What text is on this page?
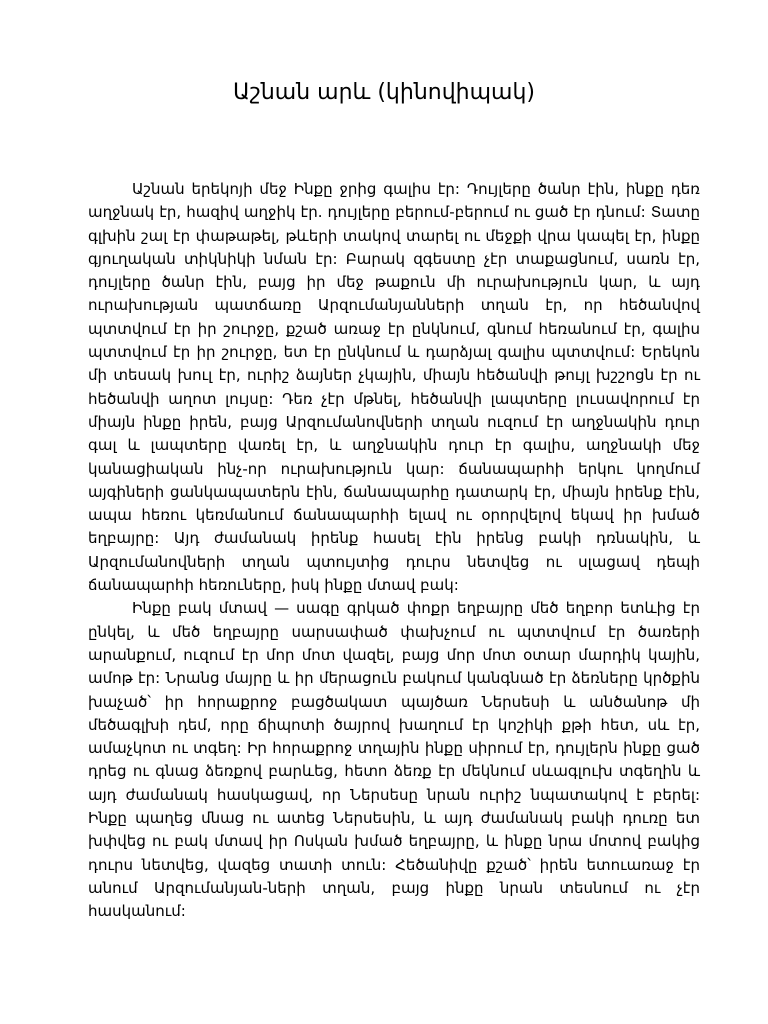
Աշնան արև (կինովիպակ)

Աշնան երեկոյի մեջ Ինքը ջրից գալիս էր: Դույլերը ծանր էին, ինքը դեռ աղջնակ էր, հազիվ աղջիկ էր. դույլերը բերում-բերում ու ցած էր դնում: Տատը գլխին շալ էր փաթաթել, թևերի տակով տարել ու մեջքի վրա կապել էր, ինքը գյուղական տիկնիկի նման էր: Բարակ զգեստը չէր տաքացնում, սառն էր, դույլերը ծանր էին, բայց իր մեջ թաքուն մի ուրախություն կար, և այդ ուրախության պատճառը Արզումանյանների տղան էր, որ հեծանվով պտտվում էր իր շուրջը, քշած առաջ էր ընկնում, գնում հեռանում էր, գալիս պտտվում էր իր շուրջը, ետ էր ընկնում և դարձյալ գալիս պտտվում: Երեկոն մի տեսակ խուլ էր, ուրիշ ձայներ չկային, միայն հեծանվի թույլ խշշոցն էր ու հեծանվի աղոտ լույսը: Դեռ չէր մթնել, հեծանվի լապտերը լուսավորում էր միայն ինքը իրեն, բայց Արզումանովների տղան ուզում էր աղջնակին դուր գալ և լապտերը վառել էր, և աղջնակին դուր էր գալիս, աղջնակի մեջ կանացիական ինչ-որ ուրախություն կար: ճանապարհի երկու կողմում այգիների ցանկապատերն էին, ճանապարհը դատարկ էր, միայն իրենք էին, ապա հեռու կեռմանում ճանապարհի ելավ ու օրորվելով եկավ իր խմած եղբայրը: Այդ ժամանակ իրենք հասել էին իրենց բակի դռնակին, և Արզումանովների տղան պտույտից դուրս նետվեց ու սլացավ դեպի ճանապարհի հեռուները, իսկ ինքը մտավ բակ:

Ինքը բակ մտավ — սագը գրկած փոքր եղբայրը մեծ եղբոր ետևից էր ընկել, և մեծ եղբայրը սարսափած փախչում ու պտտվում էր ծառերի արանքում, ուզում էր մոր մոտ վազել, բայց մոր մոտ օտար մարդիկ կային, ամոթ էր: Նրանց մայրը և իր մերացուն բակում կանգնած էր ձեռները կրծքին խաչած՝ իր հորաքրոջ բացծակատ պայծառ Ներսեսի և անծանոթ մի մեծագլխի դեմ, որը ճիպոտի ծայրով խաղում էր կոշիկի քթի հետ, սև էր, ամաչկոտ ու տգեղ: Իր հորաքրոջ տղային ինքը սիրում էր, դույլերն ինքը ցած դրեց ու գնաց ձեռքով բարևեց, հետո ձեռք էր մեկնում սևագլուխ տգեղին և այդ ժամանակ հասկացավ, որ Ներսեսը նրան ուրիշ նպատակով է բերել: Ինքը պաղեց մնաց ու ատեց Ներսեսին, և այդ ժամանակ բակի դուռը ետ խփվեց ու բակ մտավ իր Ոսկան խմած եղբայրը, և ինքը նրա մոտով բակից դուրս նետվեց, վազեց տատի տուն: Հեծանիվը քշած՝ իրեն ետուառաջ էր անում Արզումանյան-ների տղան, բայց ինքը նրան տեսնում ու չէր հասկանում:
